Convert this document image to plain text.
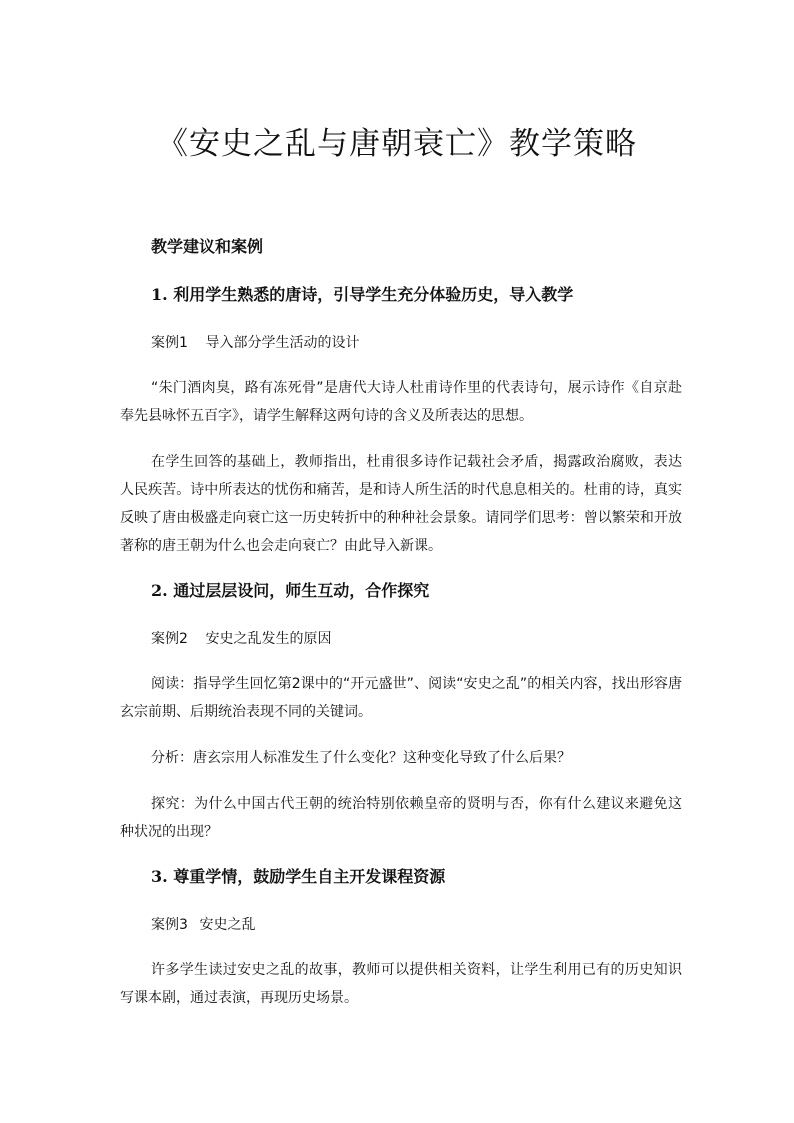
《安史之乱与唐朝衰亡》教学策略
教学建议和案例
1. 利用学生熟悉的唐诗，引导学生充分体验历史，导入教学
案例1 导入部分学生活动的设计

“朱门酒肉臭，路有冻死骨”是唐代大诗人杜甫诗作里的代表诗句，展示诗作《自京赴奉先县咏怀五百字》，请学生解释这两句诗的含义及所表达的思想。

在学生回答的基础上，教师指出，杜甫很多诗作记载社会矛盾，揭露政治腐败，表达人民疾苦。诗中所表达的忧伤和痛苦，是和诗人所生活的时代息息相关的。杜甫的诗，真实反映了唐由极盛走向衰亡这一历史转折中的种种社会景象。请同学们思考：曾以繁荣和开放著称的唐王朝为什么也会走向衰亡？由此导入新课。

2. 通过层层设问，师生互动，合作探究
案例2 安史之乱发生的原因

阅读：指导学生回忆第2课中的“开元盛世”、阅读“安史之乱”的相关内容，找出形容唐玄宗前期、后期统治表现不同的关键词。

分析：唐玄宗用人标准发生了什么变化？这种变化导致了什么后果？

探究：为什么中国古代王朝的统治特别依赖皇帝的贤明与否，你有什么建议来避免这种状况的出现？

3. 尊重学情，鼓励学生自主开发课程资源
案例3 安史之乱

许多学生读过安史之乱的故事，教师可以提供相关资料，让学生利用已有的历史知识写课本剧，通过表演，再现历史场景。
